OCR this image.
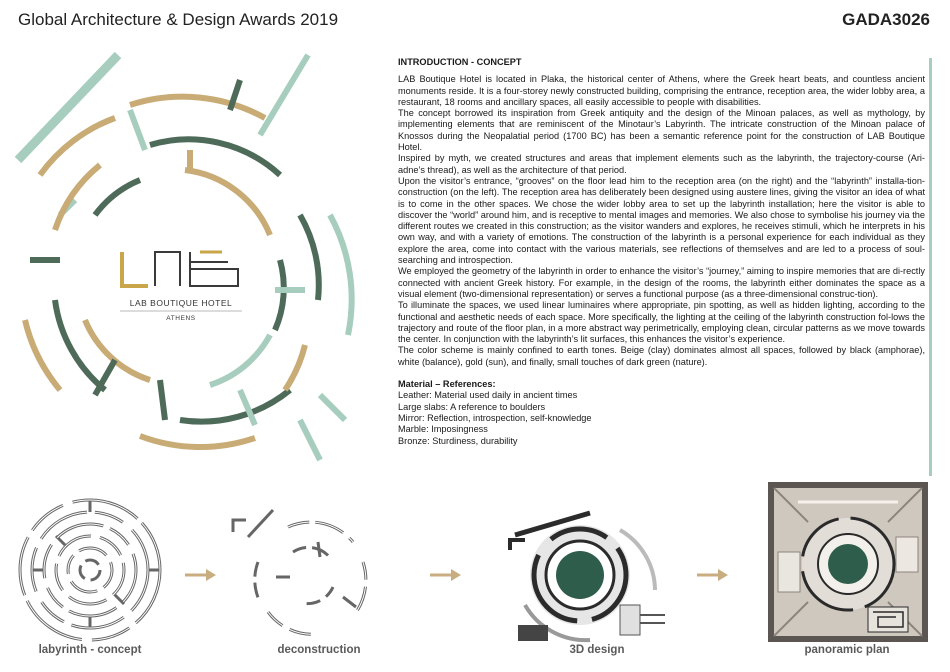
Global Architecture & Design Awards 2019	GADA3026
LAB BOUTIQUE HOTEL
ATHENS
INTRODUCTION - CONCEPT

LAB Boutique Hotel is located in Plaka, the historical center of Athens, where the Greek heart beats, and countless ancient monuments reside. It is a four-storey newly constructed building, comprising the entrance, reception area, the wider lobby area, a restaurant, 18 rooms and ancillary spaces, all easily accessible to people with disabilities.

The concept borrowed its inspiration from Greek antiquity and the design of the Minoan palaces, as well as mythology, by implementing elements that are reminiscent of the Minotaur’s Labyrinth. The intricate construction of the Minoan palace of Knossos during the Neopalatial period (1700 BC) has been a semantic reference point for the construction of LAB Boutique Hotel.

Inspired by myth, we created structures and areas that implement elements such as the labyrinth, the trajectory-course (Ari-adne’s thread), as well as the architecture of that period.

Upon the visitor’s entrance, “grooves” on the floor lead him to the reception area (on the right) and the “labyrinth” installa-tion-construction (on the left). The reception area has deliberately been designed using austere lines, giving the visitor an idea of what is to come in the other spaces. We chose the wider lobby area to set up the labyrinth installation; here the visitor is able to discover the “world” around him, and is receptive to mental images and memories. We also chose to symbolise his journey via the different routes we created in this construction; as the visitor wanders and explores, he receives stimuli, which he interprets in his own way, and with a variety of emotions. The construction of the labyrinth is a personal experience for each individual as they explore the area, come into contact with the various materials, see reflections of themselves and are led to a process of soul-searching and introspection.

We employed the geometry of the labyrinth in order to enhance the visitor’s “journey,” aiming to inspire memories that are di-rectly connected with ancient Greek history. For example, in the design of the rooms, the labyrinth either dominates the space as a visual element (two-dimensional representation) or serves a functional purpose (as a three-dimensional construc-tion).

To illuminate the spaces, we used linear luminaires where appropriate, pin spotting, as well as hidden lighting, according to the functional and aesthetic needs of each space. More specifically, the lighting at the ceiling of the labyrinth construction fol-lows the trajectory and route of the floor plan, in a more abstract way perimetrically, employing clean, circular patterns as we move towards the center. In conjunction with the labyrinth’s lit surfaces, this enhances the visitor’s experience.

The color scheme is mainly confined to earth tones. Beige (clay) dominates almost all spaces, followed by black (amphorae), white (balance), gold (sun), and finally, small touches of dark green (nature).

Material – References:
Leather: Material used daily in ancient times
Large slabs: A reference to boulders
Mirror: Reflection, introspection, self-knowledge
Marble: Imposingness
Bronze: Sturdiness, durability
labyrinth - concept	deconstruction	3D design	panoramic plan
